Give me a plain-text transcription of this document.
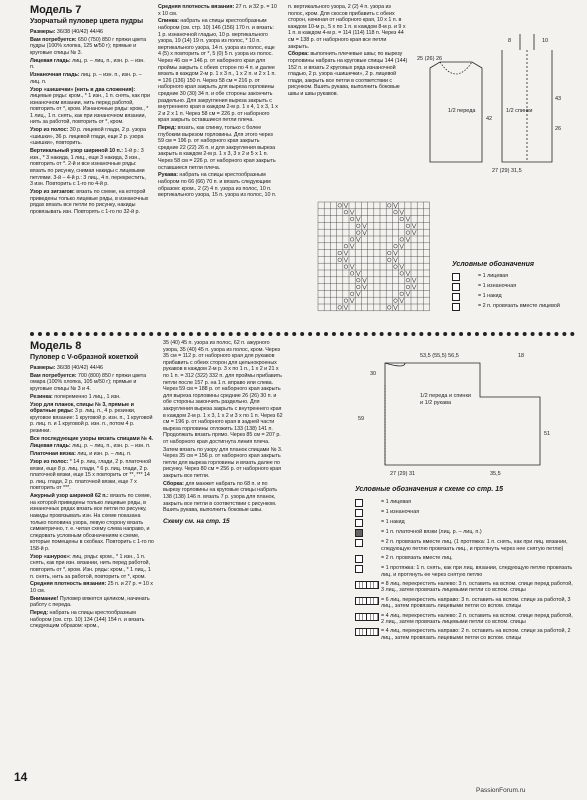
Модель 7
Узорчатый пуловер цвета пудры

Размеры: 36/38 (40/42) 44/46

Вам потребуется: 650 (750) 850 г пряжи цвета пудры (100% хлопка, 125 м/50 г); прямые и круговые спицы № 3.

Лицевая гладь: лиц. р. – лиц. п., изн. р. – изн. п.

Изнаночная гладь: лиц. р. – изн. п., изн. р. – лиц. п.

Узор «шишечки» (нить в два сложения): лицевые ряды: кром., * 1 изн., 1 п. снять, как при изнаночном вязании, нить перед работой, повторить от *, кром. Изнаночные ряды: кром., * 1 лиц., 1 п. снять, как при изнаночном вязании, нить за работой, повторить от *, кром.

Узор из полос: 30 р. лицевой глади, 2 р. узора «шишки», 36 р. лицевой глади, еще 2 р. узора «шишки», повторить.

Вертикальный узор шириной 10 п.: 1-й р.: 3 изн., * 3 накида, 1 лиц., еще 3 накида, 3 изн., повторить от *. 2-й и все изнаночные ряды: вязать по рисунку, снимая накиды с лицевыми петлями. 3-й – 4-й р.: 3 лиц., 4 п. перекрестить, 3 изн. Повторить с 1-го по 4-й р.

Узор из зигзагов: вязать по схеме, на которой приведены только лицевые ряды, в изнаночных рядах вязать все петли по рисунку, накиды провязывать изн. Повторять с 1-го по 32-й р.

Средняя плотность вязания: 27 п. и 32 р. = 10 х 10 см.

Спинка: набрать на спицы крестообразным набором (см. стр. 10) 146 (156) 170 п. и вязать: 1 р. изнаночной гладью, 10 р. вертикального узора, 19 (14) 19 п. узора из полос, * 10 п. вертикального узора, 14 п. узора из полос, еще 4 (5) х повторить от *, 5 (0) 5 п. узора из полос. Через 46 см = 146 р. от наборного края для проймы закрыть с обеих сторон по 4 п. и далее вязать в каждом 2-м р. 1 х 3 п., 1 х 2 п. и 2 х 1 п. = 126 (136) 150 п. Через 58 см = 216 р. от наборного края закрыть для выреза горловины средние 30 (30) 34 п. и обе стороны закончить раздельно. Для закругления выреза закрыть с внутреннего края в каждом 2-м р. 1 х 4, 1 х 3, 1 х 2 и 2 х 1 п. Через 58 см = 226 р. от наборного края закрыть оставшиеся петли плеча.

Перед: вязать, как спинку, только с более глубоким вырезом горловины. Для этого через 59 см = 196 р. от наборного края закрыть средние 22 (22) 26 п. и для закругления выреза закрыть в каждом 2-м р. 1 х 3, 3 х 2 и 5 х 1 п. Через 58 см = 226 р. от наборного края закрыть оставшиеся петли плеча.

Рукава: набрать на спицы крестообразным набором по 66 (66) 70 п. и вязать следующим образом: кром., 2 (2) 4 п. узора из полос, 10 п. вертикального узора, 15 п. узора из полос, 10 п.

п. вертикального узора, 2 (2) 4 п. узора из полос, кром. Для скосов прибавить с обеих сторон, начиная от наборного края, 10 х 1 п. в каждом 10-м р., 5 х по 1 п. в каждом 8-м р. и 9 х 1 п. в каждом 4-м р. = 114 (114) 118 п. Через 44 см = 138 р. от наборного края все петли закрыть.

Сборка: выполнить плечевые швы; по вырезу горловины набрать на круговые спицы 144 (144) 152 п. и вязать 2 круговых ряда изнаночной гладью, 2 р. узора «шишечки», 2 р. лицевой глади, закрыть все петли в соответствии с рисунком. Вшить рукава, выполнить боковые швы и швы рукавов.

25 (26) 26
1/2 переда	1/2 спинки
42
43
26
8	10
27 (29) 31,5
Условные обозначения
= 1 лицевая
= 1 изнаночная
= 1 накид
= 2 п. провязать вместе лицевой
Модель 8
Пуловер с V-образной кокеткой

Размеры: 36/38 (40/42) 44/46

Вам потребуется: 700 (800) 850 г пряжи цвета омара (100% хлопка, 105 м/50 г); прямые и круговые спицы № 3 и 4.

Резинка: попеременно 1 лиц., 1 изн.

Узор для планок, спицы № 3, прямые и обратные ряды: 3 р. лиц. п., 4 р. резинки, круговое вязание: 1 круговой р. изн. п., 1 круговой р. лиц. п. и 1 круговой р. изн. п., потом 4 р. резинки.

Все последующие узоры вязать спицами № 4.

Лицевая гладь: лиц. р. – лиц. п., изн. р. – изн. п.

Платочная вязка: лиц. и изн. р. – лиц. п.

Узор из полос: * 14 р. лиц. глади, 2 р. платочной вязки, еще 8 р. лиц. глади, * 6 р. лиц. глади, 2 р. платочной вязки, еще 15 х повторить от **, *** 14 р. лиц. глади, 2 р. платочной вязки, еще 7 х повторить от ***.

Ажурный узор шириной 62 п.: вязать по схеме, на которой приведены только лицевые ряды, в изнаночных рядах вязать все петли по рисунку, накиды провязывать изн. На схеме показана только половина узора, левую сторону вязать симметрично, т. е. читая схему слева направо, и следовать условным обозначениям к схеме, которые помещены в скобках. Повторить с 1-го по 158-й р.

Узор «шнурок»: лиц. ряды: кром., * 1 изн., 1 п. снять, как при изн. вязании, нить перед работой, повторить от *, кром. Изн. ряды: кром., * 1 лиц., 1 п. снять, нить за работой, повторить от *, кром.

Средняя плотность вязания: 25 п. и 27 р. = 10 х 10 см.

Внимание! Пуловер вяжется целиком, начинать работу с переда.

Перед: набрать на спицы крестообразным набором (см. стр. 10) 134 (144) 154 п. и вязать следующим образом: кром.,

35 (40) 45 п. узора из полос, 62 п. ажурного узора, 35 (40) 45 п. узора из полос, кром. Через 35 см = 112 р. от наборного края для рукавов прибавить с обеих сторон для цельнокроеных рукавов в каждом 2-м р. 3 х по 1 п., 1 х 2 и 21 х по 1 п. = 312 (322) 332 п. для проймы прибавить петли после 157 р. на 1 п. вправо или слева. Через 59 см = 188 р. от наборного края закрыть для выреза горловины средние 26 (26) 30 п. и обе стороны закончить раздельно. Для закругления выреза закрыть с внутреннего края в каждом 2-м р. 1 х 3, 1 х 2 и 3 х по 1 п. Через 62 см = 196 р. от наборного края в задней части выреза горловины отложить 133 (138) 141 п. Продолжать вязать прямо. Через 85 см = 207 р. от наборного края достигнута линия плеча.

Затем вязать по узору для планок спицами № 3. Через 35 см = 156 р. от наборного края закрыть петли для выреза горловины и вязать далее по рисунку. Через 80 см = 256 р. от наборного края закрыть все петли.

Сборка: для манжет набрать по 68 п. и по вырезу горловины на круговые спицы набрать 138 (138) 146 п. вязать 7 р. узора для планок, закрыть все петли в соответствии с рисунком. Вшить рукава, выполнить боковые швы.

Схему см. на стр. 15
53,5 (55,5) 56,5
59
30
1/2 переда и спинки
и 1/2 рукава
51
27 (29) 31	35,5
18
Условные обозначения к схеме со стр. 15
= 1 лицевая
= 1 изнаночная
= 1 накид
= 1 п. платочной вязки (лиц. р. – лиц. п.)
= 2 п. провязать вместе лиц. (1 протяжка: 1 п. снять, как при лиц. вязании, следующую петлю провязать лиц., и протянуть через нее снятую петлю)
= 2 п. провязать вместе лиц.
= 1 протяжка: 1 п. снять, как при лиц. вязании, следующую петлю провязать лиц. и протянуть ее через снятую петлю
= 8 лиц. перекрестить налево: 3 п. оставить на вспом. спице перед работой, 3 лиц., затем провязать лицевыми петли со вспом. спицы
= 6 лиц. перекрестить направо: 3 п. оставить на вспом. спице за работой, 3 лиц., затем провязать лицевыми петли со вспом. спицы
= 4 лиц. перекрестить налево: 2 п. оставить на вспом. спице перед работой, 2 лиц., затем провязать лицевыми петли со вспом. спицы
= 4 лиц. перекрестить направо: 2 п. оставить на вспом. спице за работой, 2 лиц., затем провязать лицевыми петли со вспом. спицы
14
PassionForum.ru
